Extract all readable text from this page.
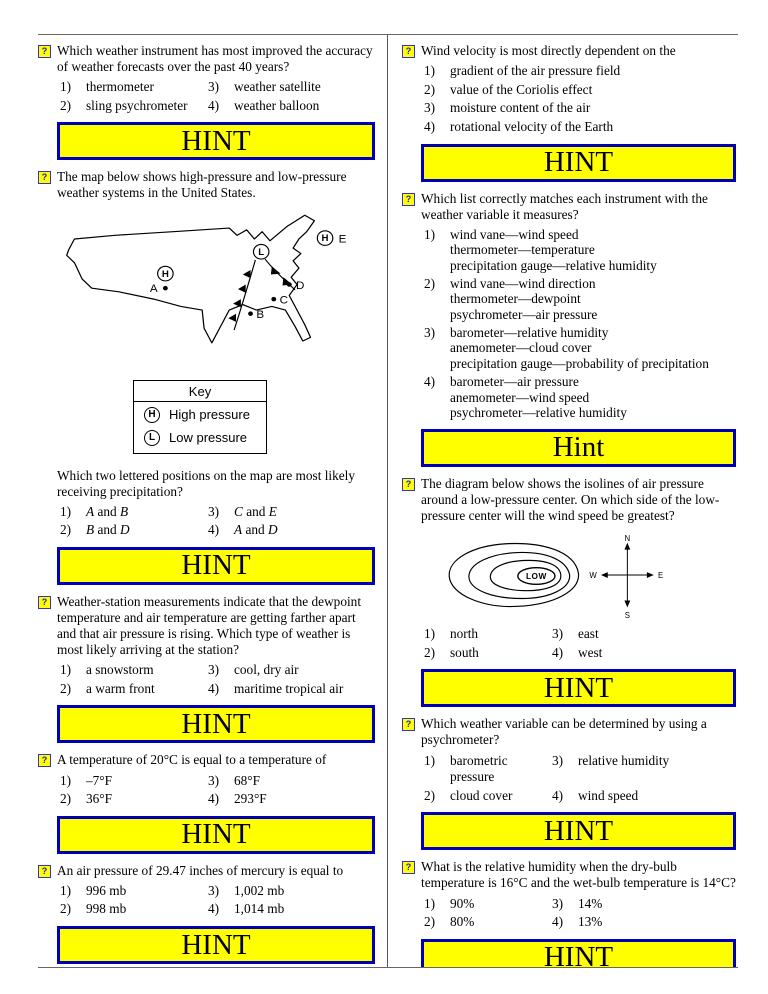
? Which weather instrument has most improved the accuracy of weather forecasts over the past 40 years?

1)	thermometer
2)	sling psychrometer
3)	weather satellite
4)	weather balloon
HINT
? The map below shows high-pressure and low-pressure weather systems in the United States.

H
A
L
B
C
D
H E
Key
H	High pressure
L	Low pressure

Which two lettered positions on the map are most likely receiving precipitation?

1)	A and B
2)	B and D
3)	C and E
4)	A and D
HINT
? Weather-station measurements indicate that the dewpoint temperature and air temperature are getting farther apart and that air pressure is rising. Which type of weather is most likely arriving at the station?

1)	a snowstorm
2)	a warm front
3)	cool, dry air
4)	maritime tropical air
HINT
? A temperature of 20°C is equal to a temperature of

1)	–7°F
2)	36°F
3)	68°F
4)	293°F
HINT
? An air pressure of 29.47 inches of mercury is equal to

1)	996 mb
2)	998 mb
3)	1,002 mb
4)	1,014 mb
HINT
? Wind velocity is most directly dependent on the

1)	gradient of the air pressure field
2)	value of the Coriolis effect
3)	moisture content of the air
4)	rotational velocity of the Earth
HINT
? Which list correctly matches each instrument with the weather variable it measures?

1)	wind vane—wind speed
thermometer—temperature
precipitation gauge—relative humidity
2)	wind vane—wind direction
thermometer—dewpoint
psychrometer—air pressure
3)	barometer—relative humidity
anemometer—cloud cover
precipitation gauge—probability of precipitation
4)	barometer—air pressure
anemometer—wind speed
psychrometer—relative humidity
Hint
? The diagram below shows the isolines of air pressure around a low-pressure center. On which side of the low-pressure center will the wind speed be greatest?

LOW
N
S
W	E
1)	north
2)	south
3)	east
4)	west
HINT
? Which weather variable can be determined by using a psychrometer?

1)	barometric pressure
2)	cloud cover
3)	relative humidity
4)	wind speed
HINT
? What is the relative humidity when the dry-bulb temperature is 16°C and the wet-bulb temperature is 14°C?

1)	90%
2)	80%
3)	14%
4)	13%
HINT
